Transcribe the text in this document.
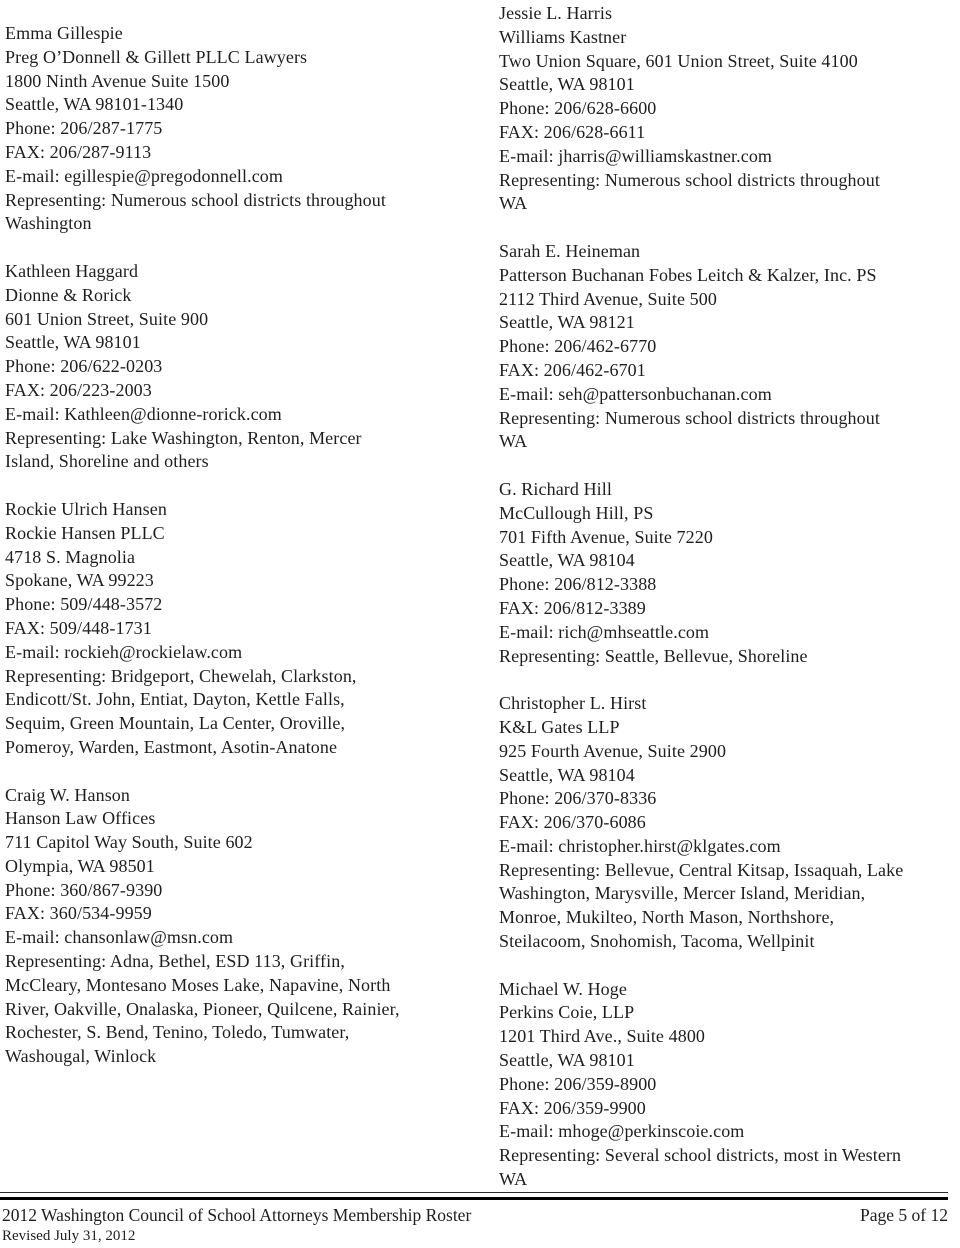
Emma Gillespie
Preg O’Donnell & Gillett PLLC Lawyers
1800 Ninth Avenue Suite 1500
Seattle, WA 98101-1340
Phone: 206/287-1775
FAX: 206/287-9113
E-mail: egillespie@pregodonnell.com
Representing: Numerous school districts throughout
Washington
Kathleen Haggard
Dionne & Rorick
601 Union Street, Suite 900
Seattle, WA 98101
Phone: 206/622-0203
FAX: 206/223-2003
E-mail: Kathleen@dionne-rorick.com
Representing: Lake Washington, Renton, Mercer
Island, Shoreline and others
Rockie Ulrich Hansen
Rockie Hansen PLLC
4718 S. Magnolia
Spokane, WA 99223
Phone: 509/448-3572
FAX: 509/448-1731
E-mail: rockieh@rockielaw.com
Representing: Bridgeport, Chewelah, Clarkston,
Endicott/St. John, Entiat, Dayton, Kettle Falls,
Sequim, Green Mountain, La Center, Oroville,
Pomeroy, Warden, Eastmont, Asotin-Anatone
Craig W. Hanson
Hanson Law Offices
711 Capitol Way South, Suite 602
Olympia, WA 98501
Phone: 360/867-9390
FAX: 360/534-9959
E-mail: chansonlaw@msn.com
Representing: Adna, Bethel, ESD 113, Griffin,
McCleary, Montesano Moses Lake, Napavine, North
River, Oakville, Onalaska, Pioneer, Quilcene, Rainier,
Rochester, S. Bend, Tenino, Toledo, Tumwater,
Washougal, Winlock
Jessie L. Harris
Williams Kastner
Two Union Square, 601 Union Street, Suite 4100
Seattle, WA 98101
Phone: 206/628-6600
FAX: 206/628-6611
E-mail: jharris@williamskastner.com
Representing: Numerous school districts throughout
WA
Sarah E. Heineman
Patterson Buchanan Fobes Leitch & Kalzer, Inc. PS
2112 Third Avenue, Suite 500
Seattle, WA 98121
Phone: 206/462-6770
FAX: 206/462-6701
E-mail: seh@pattersonbuchanan.com
Representing: Numerous school districts throughout
WA
G. Richard Hill
McCullough Hill, PS
701 Fifth Avenue, Suite 7220
Seattle, WA 98104
Phone: 206/812-3388
FAX: 206/812-3389
E-mail: rich@mhseattle.com
Representing: Seattle, Bellevue, Shoreline
Christopher L. Hirst
K&L Gates LLP
925 Fourth Avenue, Suite 2900
Seattle, WA 98104
Phone: 206/370-8336
FAX: 206/370-6086
E-mail: christopher.hirst@klgates.com
Representing: Bellevue, Central Kitsap, Issaquah, Lake
Washington, Marysville, Mercer Island, Meridian,
Monroe, Mukilteo, North Mason, Northshore,
Steilacoom, Snohomish, Tacoma, Wellpinit
Michael W. Hoge
Perkins Coie, LLP
1201 Third Ave., Suite 4800
Seattle, WA 98101
Phone: 206/359-8900
FAX: 206/359-9900
E-mail: mhoge@perkinscoie.com
Representing: Several school districts, most in Western
WA
2012 Washington Council of School Attorneys Membership Roster	Page 5 of 12
Revised July 31, 2012
